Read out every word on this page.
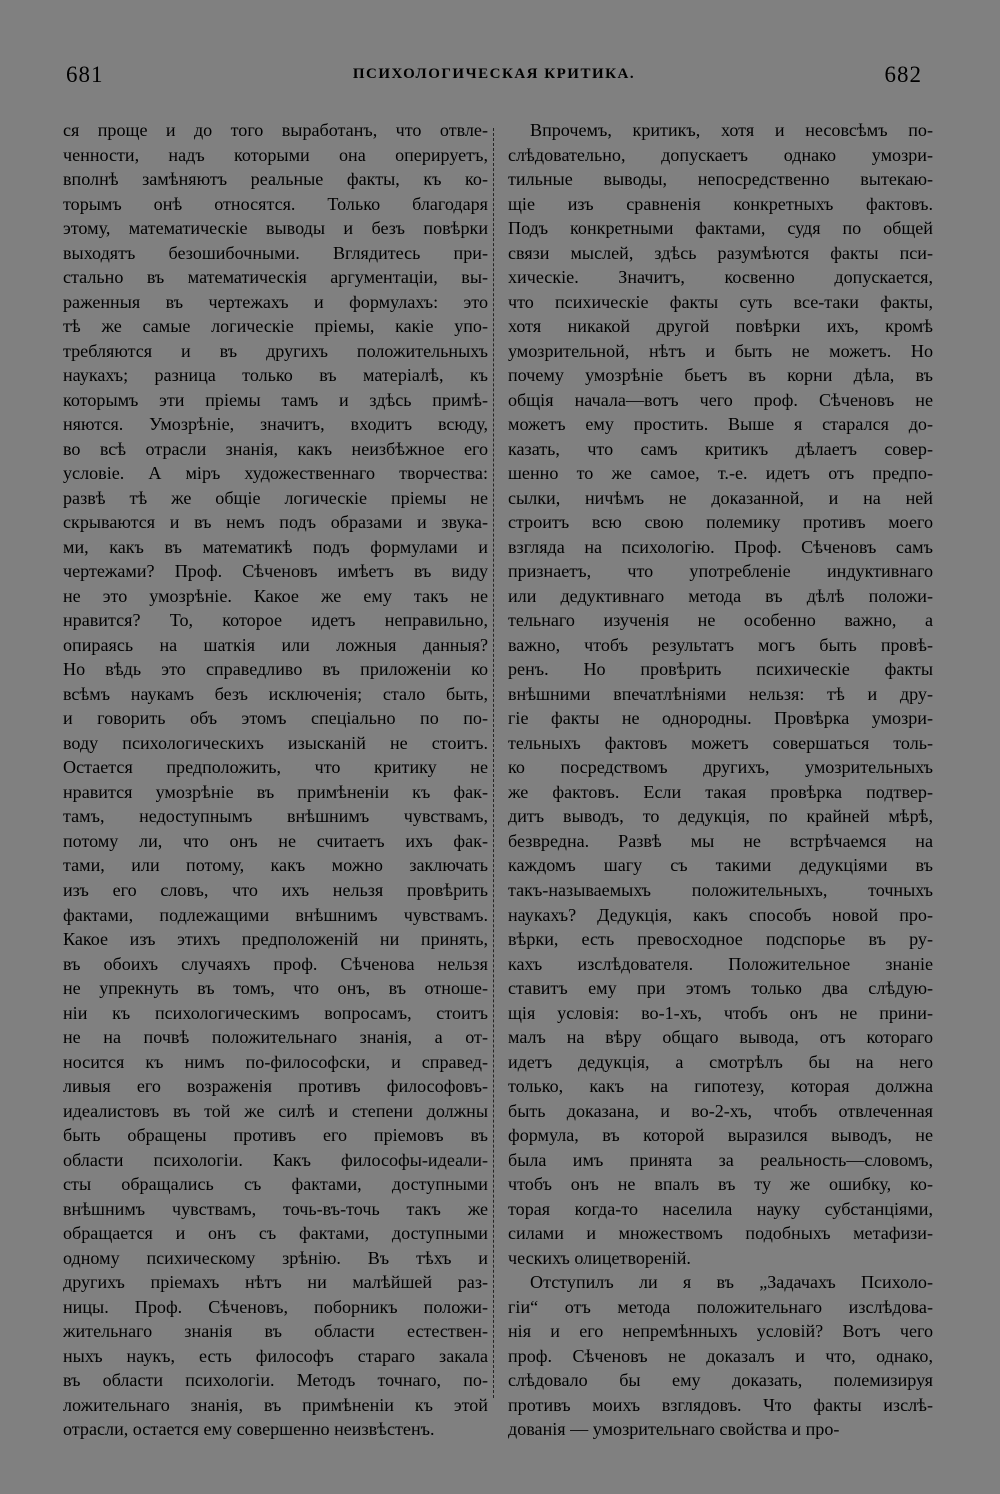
681	ПСИХОЛОГИЧЕСКАЯ КРИТИКА.	682
ся проще и до того выработанъ, что отвле-
ченности, надъ которыми она оперируетъ,
вполнѣ замѣняютъ реальные факты, къ ко-
торымъ онѣ относятся. Только благодаря
этому, математическіе выводы и безъ повѣрки
выходятъ безошибочными. Вглядитесь при-
стально въ математическія аргументаціи, вы-
раженныя въ чертежахъ и формулахъ: это
тѣ же самые логическіе пріемы, какіе упо-
требляются и въ другихъ положительныхъ
наукахъ; разница только въ матеріалѣ, къ
которымъ эти пріемы тамъ и здѣсь примѣ-
няются. Умозрѣніе, значитъ, входитъ всюду,
во всѣ отрасли знанія, какъ неизбѣжное его
условіе. А міръ художественнаго творчества:
развѣ тѣ же общіе логическіе пріемы не
скрываются и въ немъ подъ образами и звука-
ми, какъ въ математикѣ подъ формулами и
чертежами? Проф. Сѣченовъ имѣетъ въ виду
не это умозрѣніе. Какое же ему такъ не
нравится? То, которое идетъ неправильно,
опираясь на шаткія или ложныя данныя?
Но вѣдь это справедливо въ приложеніи ко
всѣмъ наукамъ безъ исключенія; стало быть,
и говорить объ этомъ спеціально по по-
воду психологическихъ изысканій не стоитъ.
Остается предположить, что критику не
нравится умозрѣніе въ примѣненіи къ фак-
тамъ, недоступнымъ внѣшнимъ чувствамъ,
потому ли, что онъ не считаетъ ихъ фак-
тами, или потому, какъ можно заключать
изъ его словъ, что ихъ нельзя провѣрить
фактами, подлежащими внѣшнимъ чувствамъ.
Какое изъ этихъ предположеній ни принять,
въ обоихъ случаяхъ проф. Сѣченова нельзя
не упрекнуть въ томъ, что онъ, въ отноше-
ніи къ психологическимъ вопросамъ, стоитъ
не на почвѣ положительнаго знанія, а от-
носится къ нимъ по-философски, и справед-
ливыя его возраженія противъ философовъ-
идеалистовъ въ той же силѣ и степени должны
быть обращены противъ его пріемовъ въ
области психологіи. Какъ философы-идеали-
сты обращались съ фактами, доступными
внѣшнимъ чувствамъ, точь-въ-точь такъ же
обращается и онъ съ фактами, доступными
одному психическому зрѣнію. Въ тѣхъ и
другихъ пріемахъ нѣтъ ни малѣйшей раз-
ницы. Проф. Сѣченовъ, поборникъ положи-
жительнаго знанія въ области естествен-
ныхъ наукъ, есть философъ стараго закала
въ области психологіи. Методъ точнаго, по-
ложительнаго знанія, въ примѣненіи къ этой
отрасли, остается ему совершенно неизвѣстенъ.
Впрочемъ, критикъ, хотя и несовсѣмъ по-
слѣдовательно, допускаетъ однако умозри-
тильные выводы, непосредственно вытекаю-
щіе изъ сравненія конкретныхъ фактовъ.
Подъ конкретными фактами, судя по общей
связи мыслей, здѣсь разумѣются факты пси-
хическіе. Значитъ, косвенно допускается,
что психическіе факты суть все-таки факты,
хотя никакой другой повѣрки ихъ, кромѣ
умозрительной, нѣтъ и быть не можетъ. Но
почему умозрѣніе бьетъ въ корни дѣла, въ
общія начала—вотъ чего проф. Сѣченовъ не
можетъ ему простить. Выше я старался до-
казать, что самъ критикъ дѣлаетъ совер-
шенно то же самое, т.-е. идетъ отъ предпо-
сылки, ничѣмъ не доказанной, и на ней
строитъ всю свою полемику противъ моего
взгляда на психологію. Проф. Сѣченовъ самъ
признаетъ, что употребленіе индуктивнаго
или дедуктивнаго метода въ дѣлѣ положи-
тельнаго изученія не особенно важно, а
важно, чтобъ результатъ могъ быть провѣ-
ренъ. Но провѣрить психическіе факты
внѣшними впечатлѣніями нельзя: тѣ и дру-
гіе факты не однородны. Провѣрка умозри-
тельныхъ фактовъ можетъ совершаться толь-
ко посредствомъ другихъ, умозрительныхъ
же фактовъ. Если такая провѣрка подтвер-
дитъ выводъ, то дедукція, по крайней мѣрѣ,
безвредна. Развѣ мы не встрѣчаемся на
каждомъ шагу съ такими дедукціями въ
такъ-называемыхъ положительныхъ, точныхъ
наукахъ? Дедукція, какъ способъ новой про-
вѣрки, есть превосходное подспорье въ ру-
кахъ изслѣдователя. Положительное знаніе
ставитъ ему при этомъ только два слѣдую-
щія условія: во-1-хъ, чтобъ онъ не прини-
малъ на вѣру общаго вывода, отъ котораго
идетъ дедукція, а смотрѣлъ бы на него
только, какъ на гипотезу, которая должна
быть доказана, и во-2-хъ, чтобъ отвлеченная
формула, въ которой выразился выводъ, не
была имъ принята за реальность—словомъ,
чтобъ онъ не впалъ въ ту же ошибку, ко-
торая когда-то населила науку субстанціями,
силами и множествомъ подобныхъ метафизи-
ческихъ олицетвореній.
Отступилъ ли я въ „Задачахъ Психоло-
гіи“ отъ метода положительнаго изслѣдова-
нія и его непремѣнныхъ условій? Вотъ чего
проф. Сѣченовъ не доказалъ и что, однако,
слѣдовало бы ему доказать, полемизируя
противъ моихъ взглядовъ. Что факты изслѣ-
дованія — умозрительнаго свойства и про-
